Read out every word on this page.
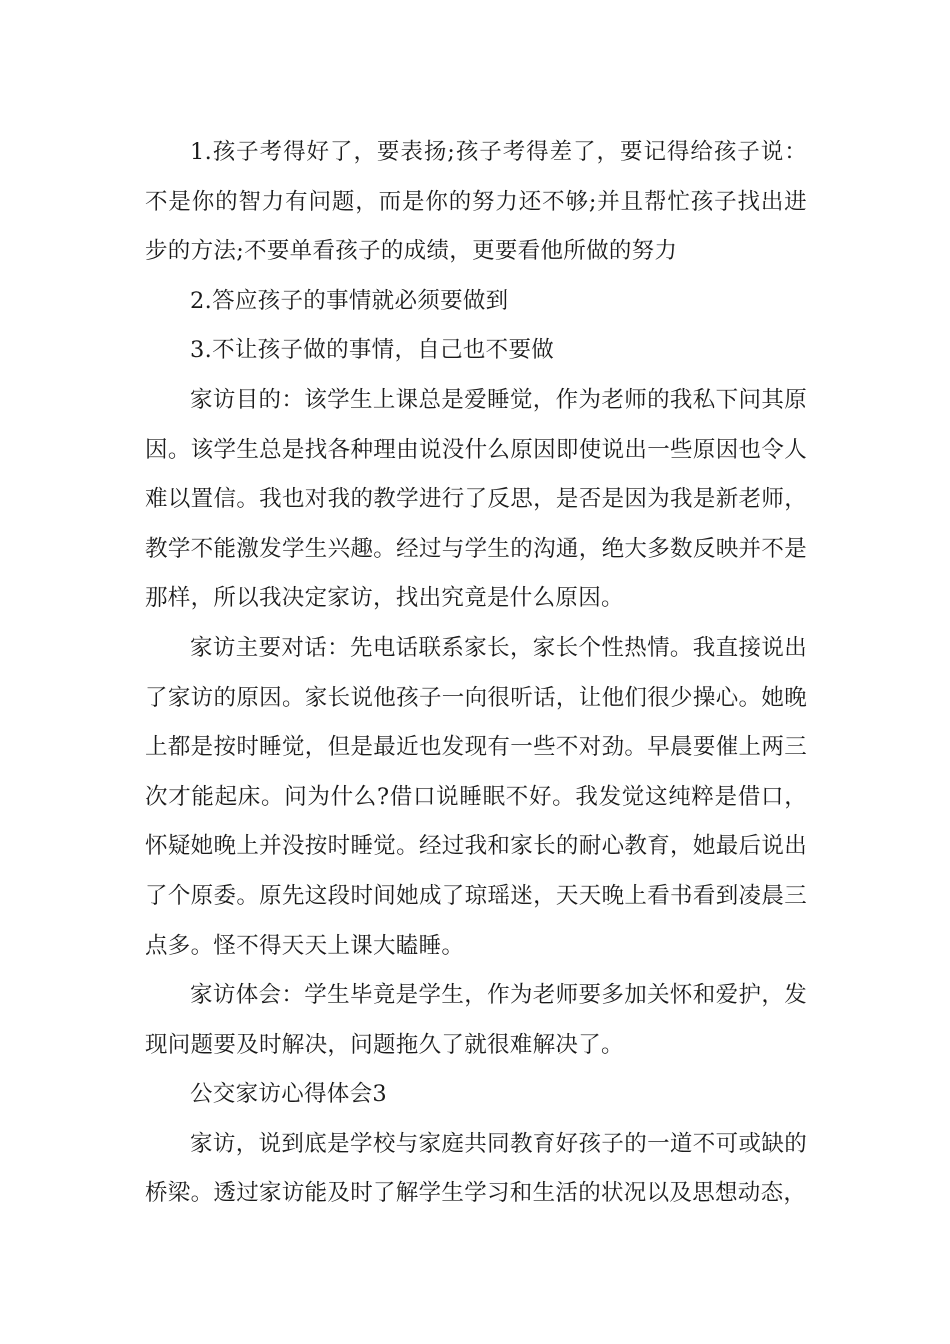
1.孩子考得好了，要表扬;孩子考得差了，要记得给孩子说：不是你的智力有问题，而是你的努力还不够;并且帮忙孩子找出进步的方法;不要单看孩子的成绩，更要看他所做的努力

2.答应孩子的事情就必须要做到

3.不让孩子做的事情，自己也不要做

家访目的：该学生上课总是爱睡觉，作为老师的我私下问其原因。该学生总是找各种理由说没什么原因即使说出一些原因也令人难以置信。我也对我的教学进行了反思，是否是因为我是新老师，教学不能激发学生兴趣。经过与学生的沟通，绝大多数反映并不是那样，所以我决定家访，找出究竟是什么原因。

家访主要对话：先电话联系家长，家长个性热情。我直接说出了家访的原因。家长说他孩子一向很听话，让他们很少操心。她晚上都是按时睡觉，但是最近也发现有一些不对劲。早晨要催上两三次才能起床。问为什么?借口说睡眠不好。我发觉这纯粹是借口，怀疑她晚上并没按时睡觉。经过我和家长的耐心教育，她最后说出了个原委。原先这段时间她成了琼瑶迷，天天晚上看书看到凌晨三点多。怪不得天天上课大瞌睡。

家访体会：学生毕竟是学生，作为老师要多加关怀和爱护，发现问题要及时解决，问题拖久了就很难解决了。

公交家访心得体会3

家访，说到底是学校与家庭共同教育好孩子的一道不可或缺的桥梁。透过家访能及时了解学生学习和生活的状况以及思想动态，
